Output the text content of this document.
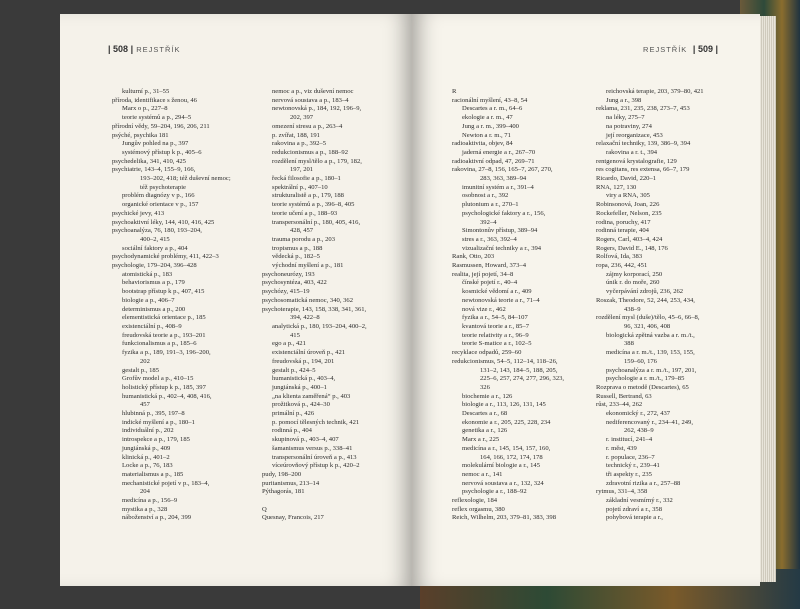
| 508 | REJSTŘÍK
kulturní p., 31–55
příroda, identifikace s ženou, 46
Marx o p., 227–8
teorie systémů a p., 294–5
přírodní vědy, 59–204, 196, 206, 211
psýché, psychika 181
Jungův pohled na p., 397
systémový přístup k p., 405–6
psychedelika, 341, 410, 425
psychiatrie, 143–4, 155–9, 166,
193–202, 418; též duševní nemoc;
též psychoterapie
problém diagnózy v p., 166
organické orientace v p., 157
psychické jevy, 413
psychoaktivní léky, 144, 410, 416, 425
psychoanalýza, 76, 180, 193–204,
400–2, 415
sociální faktory a p., 404
psychodynamické problémy, 411, 422–3
psychologie, 179–204, 396–428
atomistická p., 183
behaviorismus a p., 179
bootstrap přístup k p., 407, 415
biologie a p., 406–7
determinismus a p., 200
elementistická orientace p., 185
existenciální p., 408–9
freudovská teorie a p., 193–201
funkcionalismus a p., 185–6
fyzika a p., 189, 191–3, 196–200,
202
gestalt p., 185
Grofův model a p., 410–15
holistický přístup k p., 185, 397
humanistická p., 402–4, 408, 416,
457
hlubinná p., 395, 197–8
indické myšlení a p., 180–1
individuální p., 202
introspekce a p., 179, 185
jungiánská p., 409
klinická p., 401–2
Locke a p., 76, 183
materialismus a p., 185
mechanistické pojetí v p., 183–4,
204
medicína a p., 156–9
mystika a p., 328
náboženství a p., 204, 399
nemoc a p., viz duševní nemoc
nervová soustava a p., 183–4
newtonovská p., 184, 192, 196–9,
202, 397
omezení stresu a p., 263–4
p. zvířat, 188, 191
rakovina a p., 392–5
redukcionismus a p., 188–92
rozdělení mysl/tělo a p., 179, 182,
197, 201
řecká filosofie a p., 180–1
spektrální p., 407–10
strukturalistě a p., 179, 188
teorie systémů a p., 396–8, 405
teorie učení a p., 188–93
transpersonální p., 180, 405, 416,
428, 457
trauma porodu a p., 203
tropismus a p., 188
vědecká p., 182–5
východní myšlení a p., 181
psychoneurózy, 193
psychosyntéza, 403, 422
psychózy, 415–19
psychosomatická nemoc, 340, 362
psychoterapie, 143, 158, 338, 341, 361,
394, 422–8
analytická p., 180, 193–204, 400–2,
415
ego a p., 421
existenciální úroveň p., 421
freudovská p., 194, 201
gestalt p., 424–5
humanistická p., 403–4,
jungiánská p., 400–1
„na klienta zaměřená“ p., 403
prožitková p., 424–30
primální p., 426
p. pomocí tělesných technik, 421
rodinná p., 404
skupinová p., 403–4, 407
šamanismus versus p., 338–41
transpersonální úroveň a p., 413
víceúrovňový přístup k p., 420–2
pudy, 198–200
puritanismus, 213–14
Pýthagorás, 181

Q
Quesnay, Francois, 217
REJSTŘÍK  | 509 |
R
racionální myšlení, 43–8, 54
Descartes a r. m., 64–6
ekologie a r. m., 47
Jung a r. m., 399–400
Newton a r. m., 71
radioaktivita, objev, 84
jaderná energie a r., 267–70
radioaktivní odpad, 47, 269–71
rakovina, 27–8, 156, 165–7, 267, 270,
283, 363, 389–94
imunitní systém a r., 391–4
osobnost a r., 392
plutonium a r., 270–1
psychologické faktory a r., 156,
392–4
Simontonův přístup, 389–94
stres a r., 363, 392–4
vizualizační techniky a r., 394
Rank, Otto, 203
Rasmussen, Howard, 373–4
realita, její pojetí, 34–8
čínské pojetí r., 40–4
kosmické vědomí a r., 409
newtonovská teorie a r., 71–4
nová vize r., 462
fyzika a r., 54–5, 84–107
kvantová teorie a r., 85–7
teorie relativity a r., 96–9
teorie S-matice a r., 102–5
recyklace odpadů, 259–60
redukcionismus, 54–5, 112–14, 118–26,
131–2, 143, 184–5, 188, 205,
225–6, 257, 274, 277, 296, 323,
326
biochemie a r., 126
biologie a r., 113, 126, 131, 145
Descartes a r., 68
ekonomie a r., 205, 225, 228, 234
genetika a r., 126
Marx a r., 225
medicína a r., 145, 154, 157, 160,
164, 166, 172, 174, 178
molekulární biologie a r., 145
nemoc a r., 141
nervová soustava a r., 132, 324
psychologie a r., 188–92
reflexologie, 184
reflex orgasmu, 380
Reich, Wilhelm, 203, 379–81, 383, 398
reichovská terapie, 203, 379–80, 421
Jung a r., 398
reklama, 231, 235, 238, 273–7, 453
na léky, 275–7
na potraviny, 274
její reorganizace, 453
relaxační techniky, 139, 386–9, 394
rakovina a r. t., 394
rentgenová krystalografie, 129
res cogitans, res extensa, 66–7, 179
Ricardo, David, 220–1
RNA, 127, 130
viry a RNA, 305
Robinsonová, Joan, 226
Rockefeller, Nelson, 235
rodina, poruchy, 417
rodinná terapie, 404
Rogers, Carl, 403–4, 424
Rogers, David E., 148, 176
Rolfová, Ida, 383
ropa, 236, 442, 451
zájmy korporací, 250
únik r. do moře, 260
vyčerpávání zdrojů, 236, 262
Roszak, Theodore, 52, 244, 253, 434,
438–9
rozdělení mysl (duše)/tělo, 45–6, 66–8,
96, 321, 406, 408
biologická zpětná vazba a r. m./t.,
388
medicína a r. m./t., 139, 153, 155,
159–60, 176
psychoanalýza a r. m./t., 197, 201,
psychologie a r. m./t., 179–85
Rozprava o metodě (Descartes), 65
Russell, Bertrand, 63
růst, 233–44, 262
ekonomický r., 272, 437
nediferencovaný r., 234–41, 249,
262, 438–9
r. institucí, 241–4
r. měst, 439
r. populace, 236–7
technický r., 239–41
tři aspekty r., 235
zdravotní rizika a r., 257–88
rytmus, 331–4, 358
základní vesmírný r., 332
pojetí zdraví a r., 358
pohybová terapie a r.,
